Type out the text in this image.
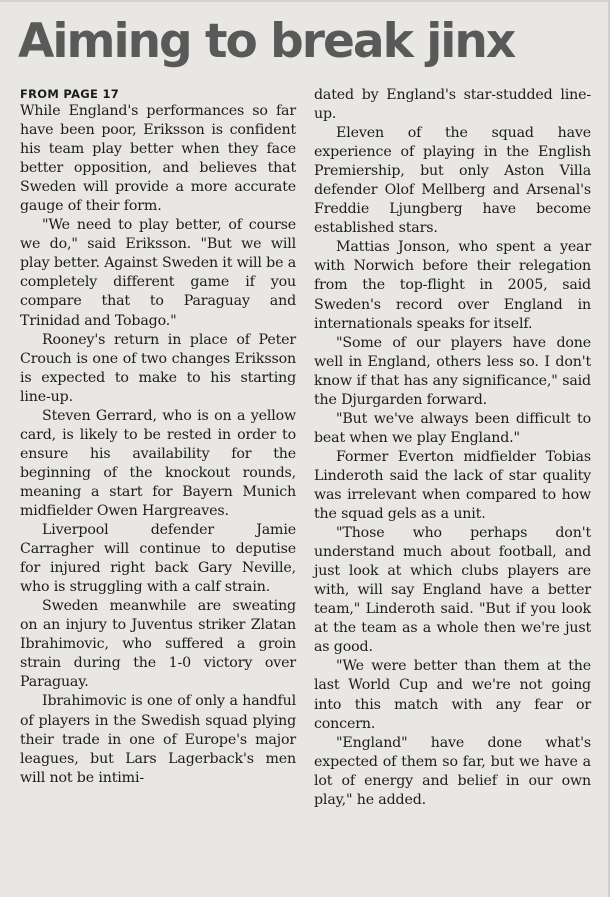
Aiming to break jinx
FROM PAGE 17

While England's performances so far have been poor, Eriksson is confident his team play better when they face better opposition, and believes that Sweden will provide a more accurate gauge of their form.

"We need to play better, of course we do," said Eriksson. "But we will play better. Against Sweden it will be a completely different game if you compare that to Paraguay and Trinidad and Tobago."

Rooney's return in place of Peter Crouch is one of two changes Eriksson is expected to make to his starting line-up.

Steven Gerrard, who is on a yellow card, is likely to be rested in order to ensure his availability for the beginning of the knockout rounds, meaning a start for Bayern Munich midfielder Owen Hargreaves.

Liverpool defender Jamie Carragher will continue to deputise for injured right back Gary Neville, who is struggling with a calf strain.

Sweden meanwhile are sweating on an injury to Juventus striker Zlatan Ibrahimovic, who suffered a groin strain during the 1-0 victory over Paraguay.

Ibrahimovic is one of only a handful of players in the Swedish squad plying their trade in one of Europe's major leagues, but Lars Lagerback's men will not be intimi-

dated by England's star-studded line-up.

Eleven of the squad have experience of playing in the English Premiership, but only Aston Villa defender Olof Mellberg and Arsenal's Freddie Ljungberg have become established stars.

Mattias Jonson, who spent a year with Norwich before their relegation from the top-flight in 2005, said Sweden's record over England in internationals speaks for itself.

"Some of our players have done well in England, others less so. I don't know if that has any significance," said the Djurgarden forward.

"But we've always been difficult to beat when we play England."

Former Everton midfielder Tobias Linderoth said the lack of star quality was irrelevant when compared to how the squad gels as a unit.

"Those who perhaps don't understand much about football, and just look at which clubs players are with, will say England have a better team," Linderoth said. "But if you look at the team as a whole then we're just as good.

"We were better than them at the last World Cup and we're not going into this match with any fear or concern.

"England" have done what's expected of them so far, but we have a lot of energy and belief in our own play," he added.
